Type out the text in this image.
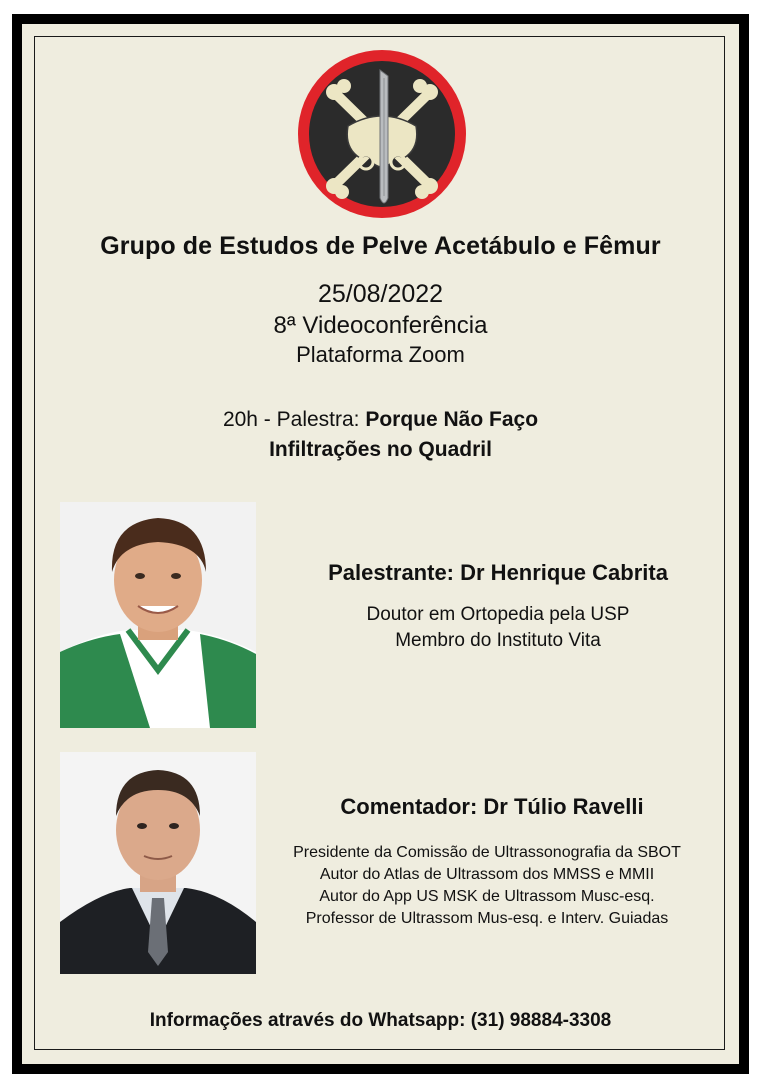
Grupo de Estudos de Pelve Acetábulo e Fêmur
25/08/2022
8ª Videoconferência
Plataforma Zoom
20h - Palestra: Porque Não Faço
Infiltrações no Quadril
Palestrante: Dr Henrique Cabrita
Doutor em Ortopedia pela USP
Membro do Instituto Vita
Comentador: Dr Túlio Ravelli
Presidente da Comissão de Ultrassonografia da SBOT
Autor do Atlas de Ultrassom dos MMSS e MMII
Autor do App US MSK de Ultrassom Musc-esq.
Professor de Ultrassom Mus-esq. e Interv. Guiadas
Informações através do Whatsapp: (31) 98884-3308
